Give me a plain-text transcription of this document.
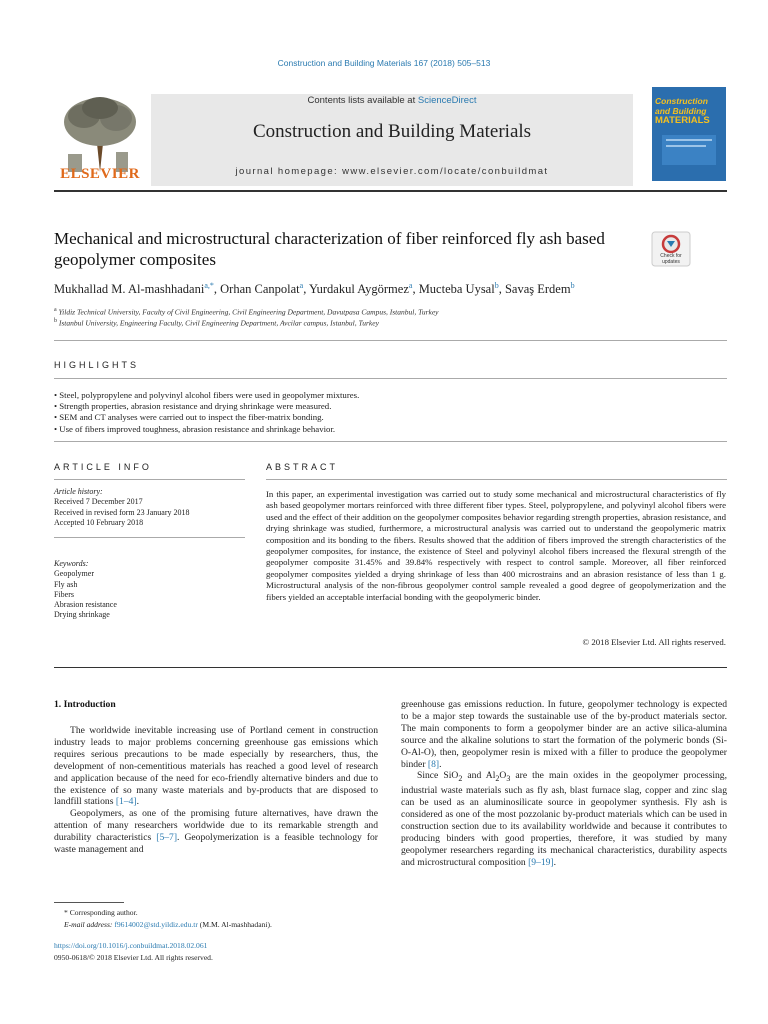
Construction and Building Materials 167 (2018) 505–513
ELSEVIER
Contents lists available at ScienceDirect
Construction and Building Materials
journal homepage: www.elsevier.com/locate/conbuildmat
Construction
and Building
MATERIALS
Mechanical and microstructural characterization of fiber reinforced fly ash based geopolymer composites	Check for updates
Mukhallad M. Al-mashhadani$^{a,*}$, Orhan Canpolat$^a$, Yurdakul Aygörmez$^a$, Mucteba Uysal$^b$, Savaş Erdem$^b$
$^a$ Yildiz Technical University, Faculty of Civil Engineering, Civil Engineering Department, Davutpasa Campus, Istanbul, Turkey
$^b$ Istanbul University, Engineering Faculty, Civil Engineering Department, Avcilar campus, Istanbul, Turkey
HIGHLIGHTS
• Steel, polypropylene and polyvinyl alcohol fibers were used in geopolymer mixtures.
• Strength properties, abrasion resistance and drying shrinkage were measured.
• SEM and CT analyses were carried out to inspect the fiber-matrix bonding.
• Use of fibers improved toughness, abrasion resistance and shrinkage behavior.
ARTICLE INFO
Article history:
Received 7 December 2017
Received in revised form 23 January 2018
Accepted 10 February 2018
Keywords:
Geopolymer
Fly ash
Fibers
Abrasion resistance
Drying shrinkage
ABSTRACT
In this paper, an experimental investigation was carried out to study some mechanical and microstructural characteristics of fly ash based geopolymer mortars reinforced with three different fiber types. Steel, polypropylene, and polyvinyl alcohol fibers were used and the effect of their addition on the geopolymer composites behavior regarding strength properties, abrasion resistance, and drying shrinkage was studied, furthermore, a microstructural analysis was carried out to understand the geopolymeric matrix composition and its bonding to the fibers. Results showed that the addition of fibers improved the strength characteristics of the geopolymer composites, for instance, the existence of Steel and polyvinyl alcohol fibers increased the flexural strength of the geopolymer composite 31.45% and 39.84% respectively with respect to control sample. Moreover, all fiber reinforced geopolymer composites yielded a drying shrinkage of less than 400 microstrains and an abrasion resistance of less than 1 g. Microstructural analysis of the non-fibrous geopolymer control sample revealed a good degree of geopolymerization and the fibers yielded an acceptable interfacial bonding with the geopolymeric binder.
© 2018 Elsevier Ltd. All rights reserved.
1. Introduction

The worldwide inevitable increasing use of Portland cement in construction industry leads to major problems concerning greenhouse gas emissions which requires serious precautions to be made especially by researchers, thus, the development of non-cementitious materials has reached a good level of research and application because of the need for eco-friendly alternative binders and due to the existence of so many waste materials and by-products that are disposed to landfill stations [1–4].

Geopolymers, as one of the promising future alternatives, have drawn the attention of many researchers worldwide due to its remarkable strength and durability characteristics [5–7]. Geopolymerization is a feasible technology for waste management and

greenhouse gas emissions reduction. In future, geopolymer technology is expected to be a major step towards the sustainable use of the by-product materials sector. The main components to form a geopolymer binder are an active silica-alumina source and the alkaline solutions to start the formation of the polymeric bonds (Si-O-Al-O), then, geopolymer resin is mixed with a filler to produce the geopolymer binder [8].

Since SiO$_2$ and $Al_2O_3$ are the main oxides in the geopolymer processing, industrial waste materials such as fly ash, blast furnace slag, copper and zinc slag can be used as an aluminosilicate source in geopolymer synthesis. Fly ash is considered as one of the most pozzolanic by-product materials which can be used in construction section due to its availability worldwide and because it contributes to producing binders with good properties, therefore, it was studied by many geopolymer researchers regarding its mechanical characteristics, durability aspects and microstructural composition [9–19].

* Corresponding author.
E-mail address: f9614002@std.yildiz.edu.tr (M.M. Al-mashhadani).
https://doi.org/10.1016/j.conbuildmat.2018.02.061
0950-0618/© 2018 Elsevier Ltd. All rights reserved.
